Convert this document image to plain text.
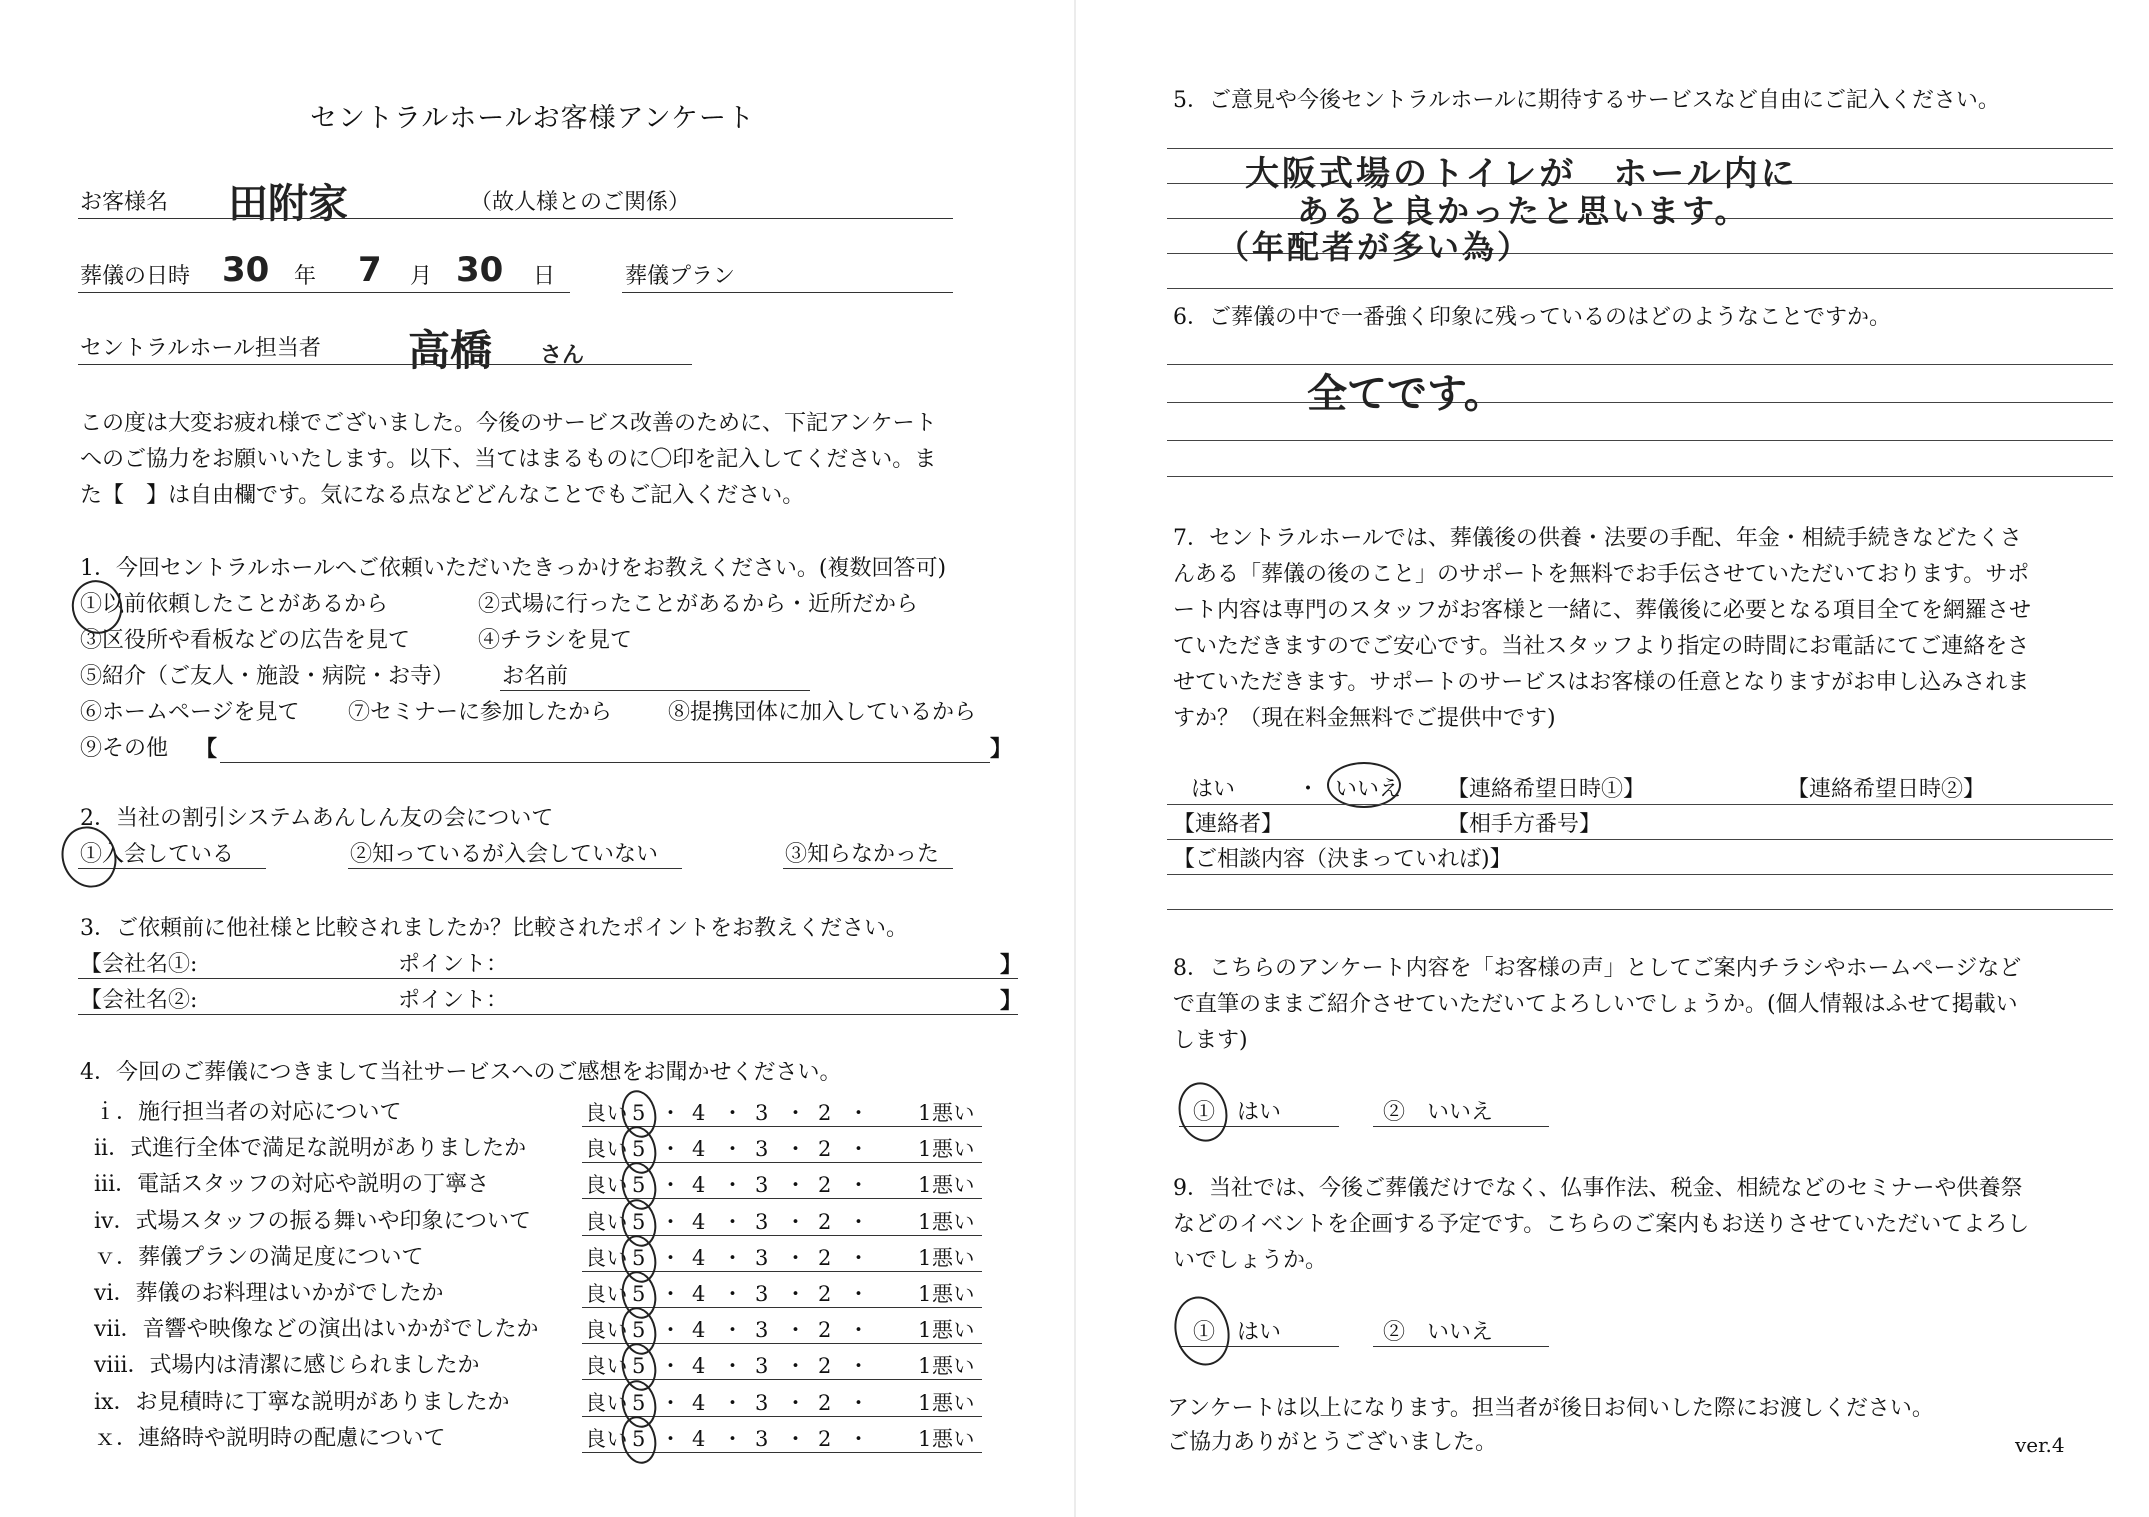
セントラルホールお客様アンケート
お客様名 田附家	（故人様とのご関係）
葬儀の日時 30 年 7 月 30 日	葬儀プラン
セントラルホール担当者 高橋 さん
この度は大変お疲れ様でございました。今後のサービス改善のために、下記アンケート
へのご協力をお願いいたします。以下、当てはまるものに〇印を記入してください。ま
た【　】は自由欄です。気になる点などどんなことでもご記入ください。
1．今回セントラルホールへご依頼いただいたきっかけをお教えください。(複数回答可)
①以前依頼したことがあるから	②式場に行ったことがあるから・近所だから
③区役所や看板などの広告を見て	④チラシを見て
⑤紹介（ご友人・施設・病院・お寺） お名前
⑥ホームページを見て ⑦セミナーに参加したから	⑧提携団体に加入しているから
⑨その他 【	】
2．当社の割引システムあんしん友の会について
①入会している	②知っているが入会していない	③知らなかった
3．ご依頼前に他社様と比較されましたか？比較されたポイントをお教えください。
【会社名①:	ポイント：	】
【会社名②:	ポイント：	】
4．今回のご葬儀につきまして当社サービスへのご感想をお聞かせください。
ｉ．施行担当者の対応について	良い 5 ・ 4 ・ 3 ・ 2 ・ 1 悪い
ii．式進行全体で満足な説明がありましたか	良い 5 ・ 4 ・ 3 ・ 2 ・ 1 悪い
iii．電話スタッフの対応や説明の丁寧さ	良い 5 ・ 4 ・ 3 ・ 2 ・ 1 悪い
iv．式場スタッフの振る舞いや印象について	良い 5 ・ 4 ・ 3 ・ 2 ・ 1 悪い
ｖ．葬儀プランの満足度について	良い 5 ・ 4 ・ 3 ・ 2 ・ 1 悪い
vi．葬儀のお料理はいかがでしたか	良い 5 ・ 4 ・ 3 ・ 2 ・ 1 悪い
vii．音響や映像などの演出はいかがでしたか 良い 5 ・ 4 ・ 3 ・ 2 ・ 1 悪い
viii．式場内は清潔に感じられましたか	良い 5 ・ 4 ・ 3 ・ 2 ・ 1 悪い
ix．お見積時に丁寧な説明がありましたか	良い 5 ・ 4 ・ 3 ・ 2 ・ 1 悪い
ｘ．連絡時や説明時の配慮について	良い 5 ・ 4 ・ 3 ・ 2 ・ 1 悪い
5．ご意見や今後セントラルホールに期待するサービスなど自由にご記入ください。
大阪式場のトイレが　ホール内に
あると良かったと思います。
（年配者が多い為）
6．ご葬儀の中で一番強く印象に残っているのはどのようなことですか。
全てです。
7．セントラルホールでは、葬儀後の供養・法要の手配、年金・相続手続きなどたくさ
んある「葬儀の後のこと」のサポートを無料でお手伝させていただいております。サポ
ート内容は専門のスタッフがお客様と一緒に、葬儀後に必要となる項目全てを網羅させ
ていただきますのでご安心です。当社スタッフより指定の時間にお電話にてご連絡をさ
せていただきます。サポートのサービスはお客様の任意となりますがお申し込みされま
すか？（現在料金無料でご提供中です)
はい	・ いいえ 【連絡希望日時①】	【連絡希望日時②】
【連絡者】	【相手方番号】
【ご相談内容（決まっていれば)】
8．こちらのアンケート内容を「お客様の声」としてご案内チラシやホームページなど
で直筆のままご紹介させていただいてよろしいでしょうか。(個人情報はふせて掲載い
します)
①　はい	②　いいえ
9．当社では、今後ご葬儀だけでなく、仏事作法、税金、相続などのセミナーや供養祭
などのイベントを企画する予定です。こちらのご案内もお送りさせていただいてよろし
いでしょうか。
①　はい	②　いいえ
アンケートは以上になります。担当者が後日お伺いした際にお渡しください。
ご協力ありがとうございました。	ver.4
